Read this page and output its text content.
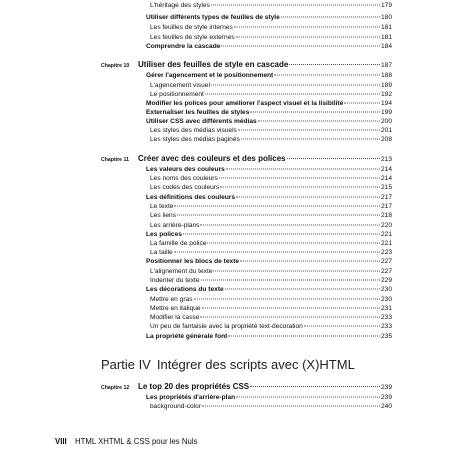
L'héritage des styles	179
Utiliser différents types de feuilles de style	180
Les feuilles de style internes	181
Les feuilles de style externes	181
Comprendre la cascade	184
Chapitre 10 Utiliser des feuilles de style en cascade	187
Gérer l'agencement et le positionnement	188
L'agencement visuel	189
Le positionnement	192
Modifier les polices pour améliorer l'aspect visuel et la lisibilité	194
Externaliser les feuilles de styles	199
Utiliser CSS avec différents médias	200
Les styles des médias visuels	201
Les styles des médias paginés	208
Chapitre 11 Créer avec des couleurs et des polices	213
Les valeurs des couleurs	214
Les noms des couleurs	214
Les codes des couleurs	215
Les définitions des couleurs	217
Le texte	217
Les liens	218
Les arrière-plans	220
Les polices	221
La famille de police	221
La taille	223
Positionner les blocs de texte	227
L'alignement du texte	227
Indenter du texte	229
Les décorations du texte	230
Mettre en gras	230
Mettre en italique	231
Modifier la casse	233
Un peu de fantaisie avec la propriété text-decoration	233
La propriété générale font	235
Partie IV Intégrer des scripts avec (X)HTML
Chapitre 12 Le top 20 des propriétés CSS	239
Les propriétés d'arrière-plan	239
background-color	240
VIII HTML XHTML & CSS pour les Nuls
